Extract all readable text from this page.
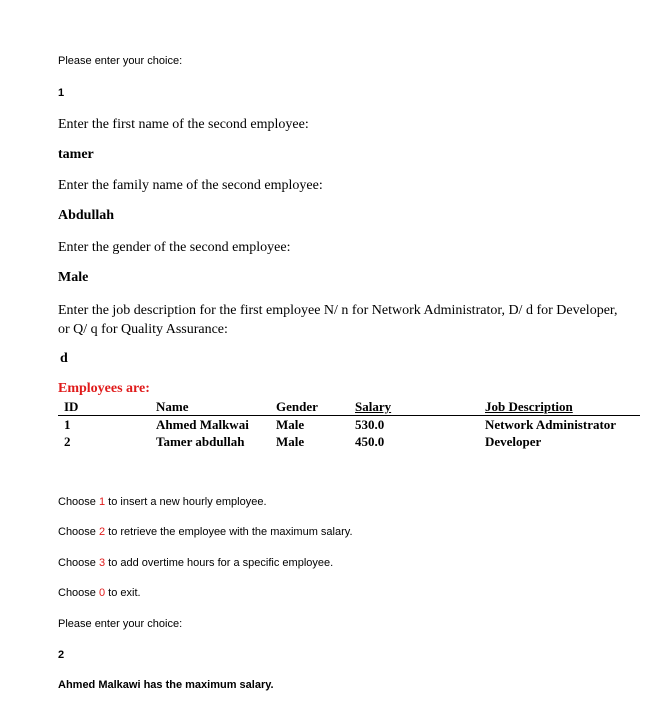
Please enter your choice:
1
Enter the first name of the second employee:
tamer
Enter the family name of the second employee:
Abdullah
Enter the gender of the second employee:
Male
Enter the job description for the first employee N/ n for Network Administrator, D/ d for Developer, or Q/ q for Quality Assurance:
d
Employees are:
ID	Name	Gender	Salary	Job Description
1	Ahmed Malkwai	Male	530.0	Network Administrator
2	Tamer abdullah	Male	450.0	Developer
Choose 1 to insert a new hourly employee.
Choose 2 to retrieve the employee with the maximum salary.
Choose 3 to add overtime hours for a specific employee.
Choose 0 to exit.
Please enter your choice:
2
Ahmed Malkawi has the maximum salary.
